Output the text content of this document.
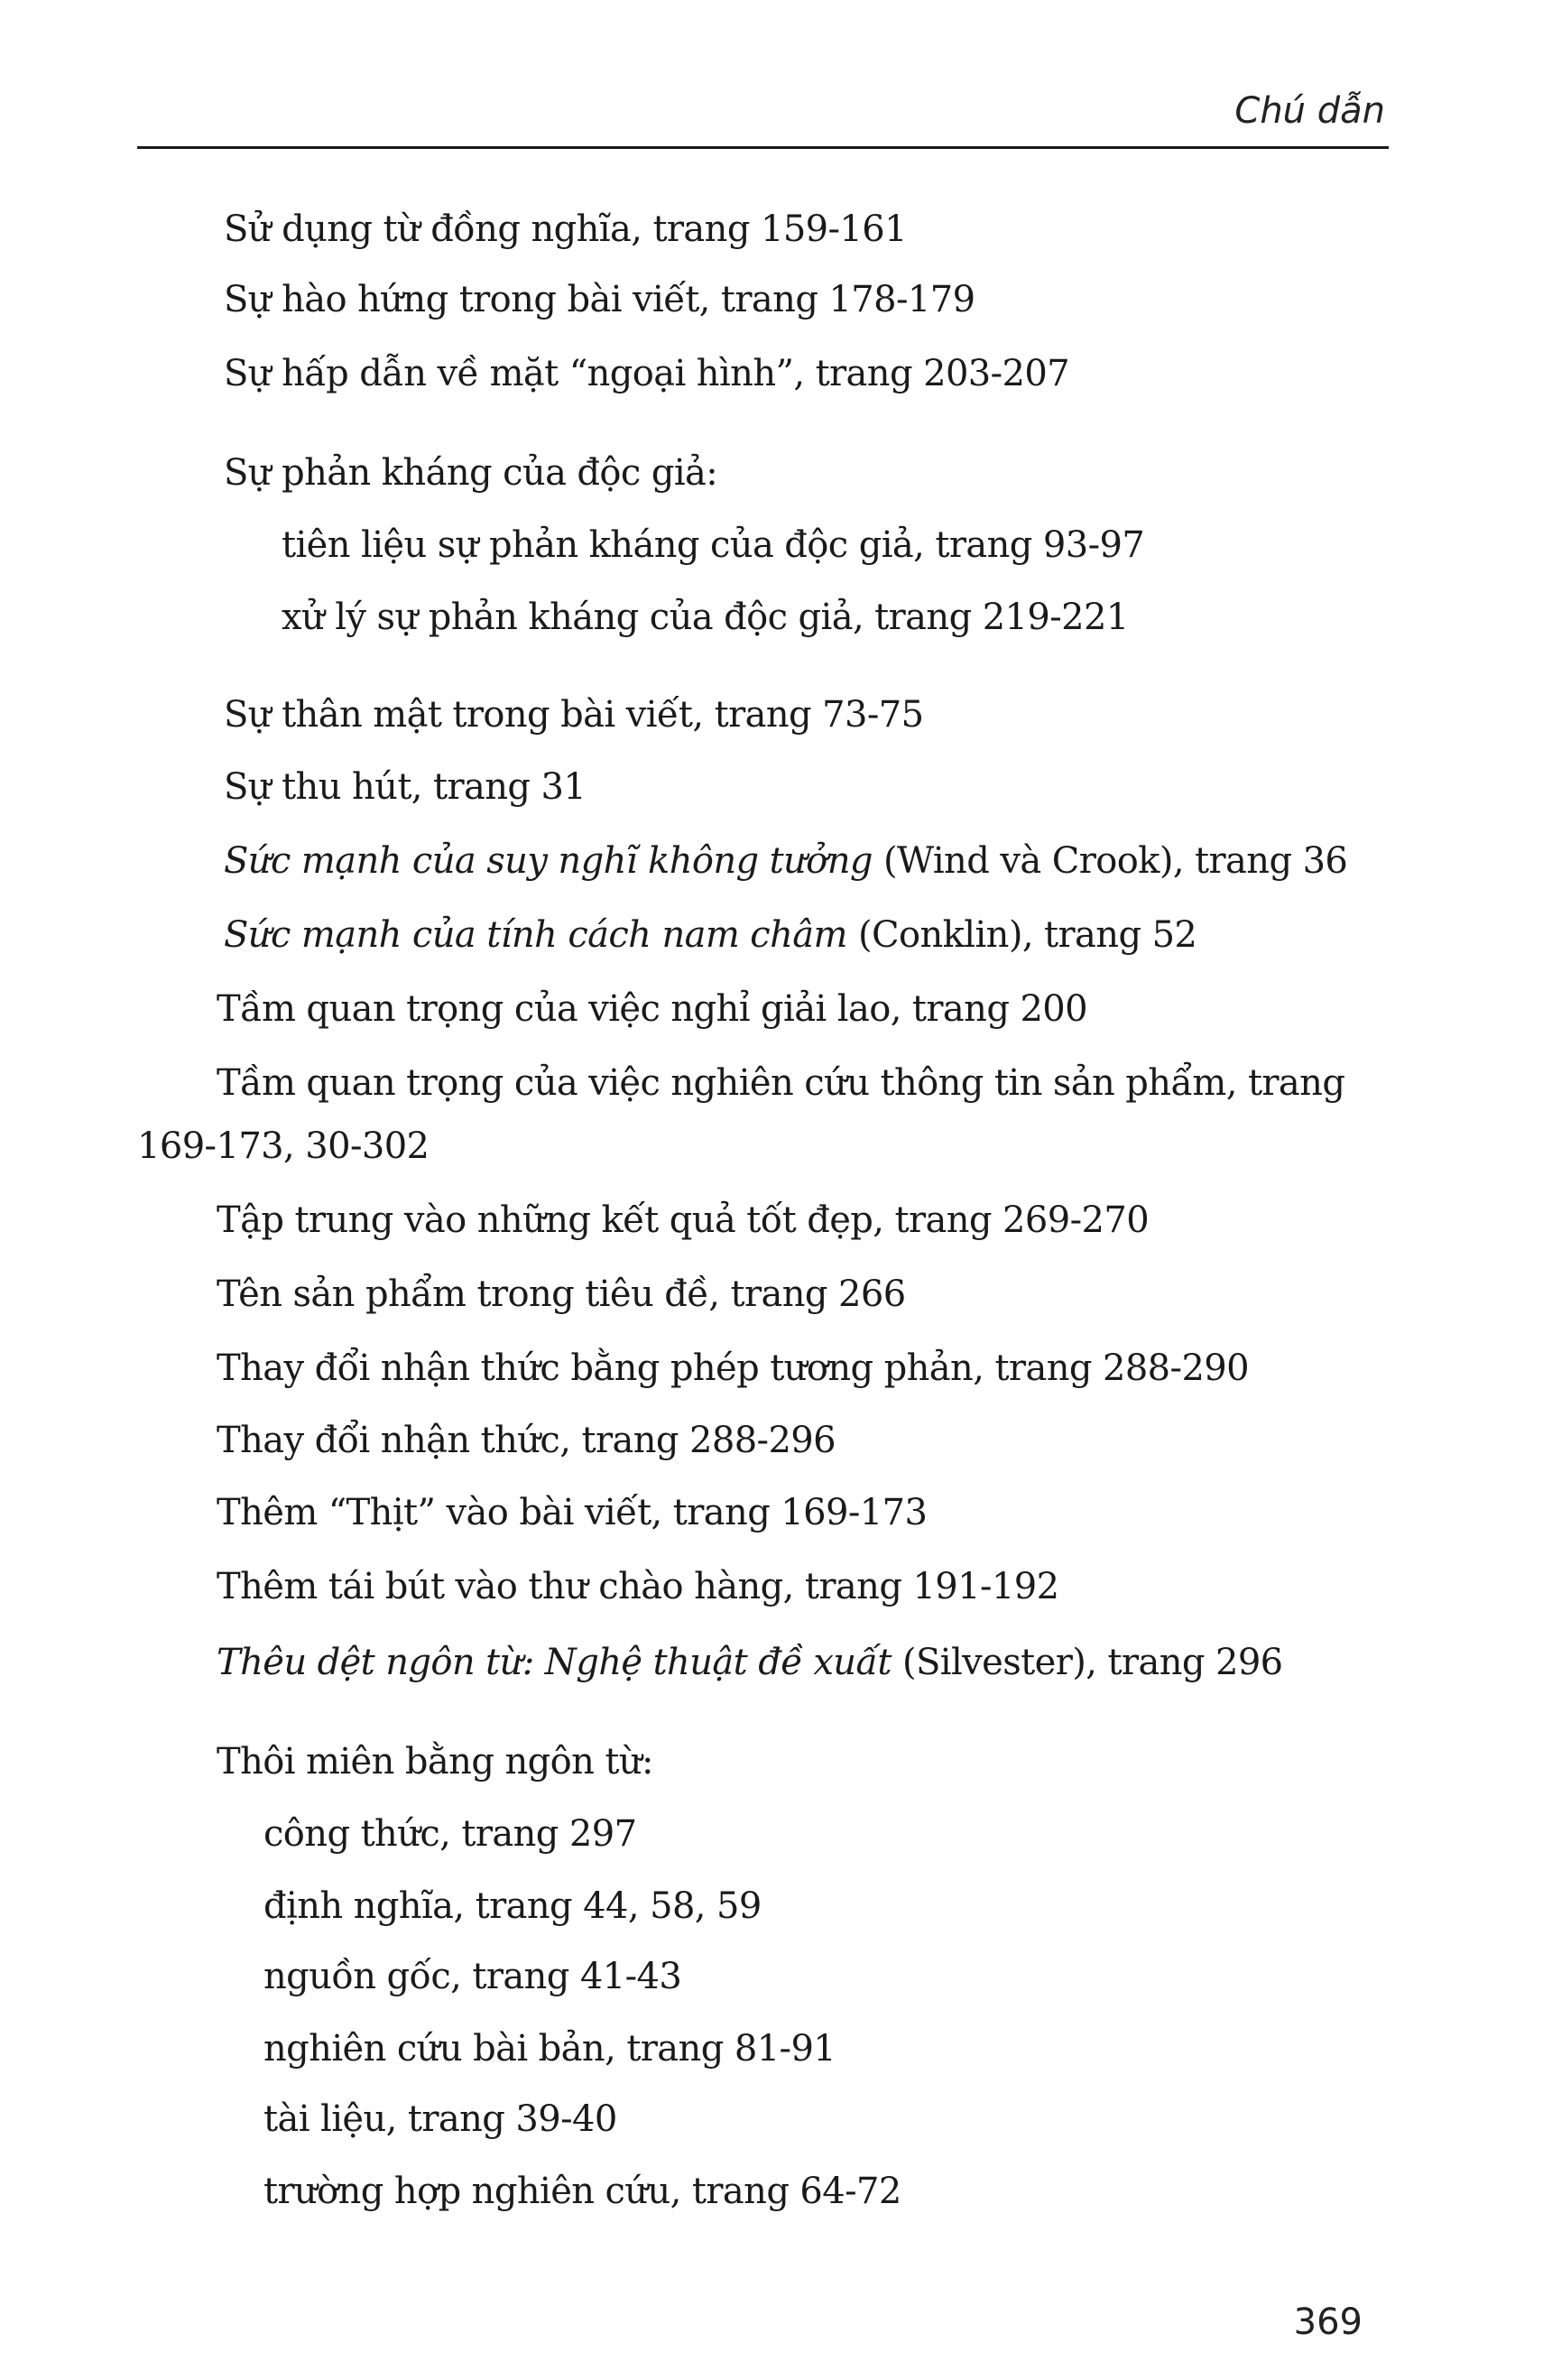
Chú dẫn
Sử dụng từ đồng nghĩa, trang 159-161
Sự hào hứng trong bài viết, trang 178-179
Sự hấp dẫn về mặt “ngoại hình”, trang 203-207
Sự phản kháng của độc giả:
tiên liệu sự phản kháng của độc giả, trang 93-97
xử lý sự phản kháng của độc giả, trang 219-221
Sự thân mật trong bài viết, trang 73-75
Sự thu hút, trang 31
Sức mạnh của suy nghĩ không tưởng (Wind và Crook), trang 36
Sức mạnh của tính cách nam châm (Conklin), trang 52
Tầm quan trọng của việc nghỉ giải lao, trang 200
Tầm quan trọng của việc nghiên cứu thông tin sản phẩm, trang
169-173, 30-302
Tập trung vào những kết quả tốt đẹp, trang 269-270
Tên sản phẩm trong tiêu đề, trang 266
Thay đổi nhận thức bằng phép tương phản, trang 288-290
Thay đổi nhận thức, trang 288-296
Thêm “Thịt” vào bài viết, trang 169-173
Thêm tái bút vào thư chào hàng, trang 191-192
Thêu dệt ngôn từ: Nghệ thuật đề xuất (Silvester), trang 296
Thôi miên bằng ngôn từ:
công thức, trang 297
định nghĩa, trang 44, 58, 59
nguồn gốc, trang 41-43
nghiên cứu bài bản, trang 81-91
tài liệu, trang 39-40
trường hợp nghiên cứu, trang 64-72
369
